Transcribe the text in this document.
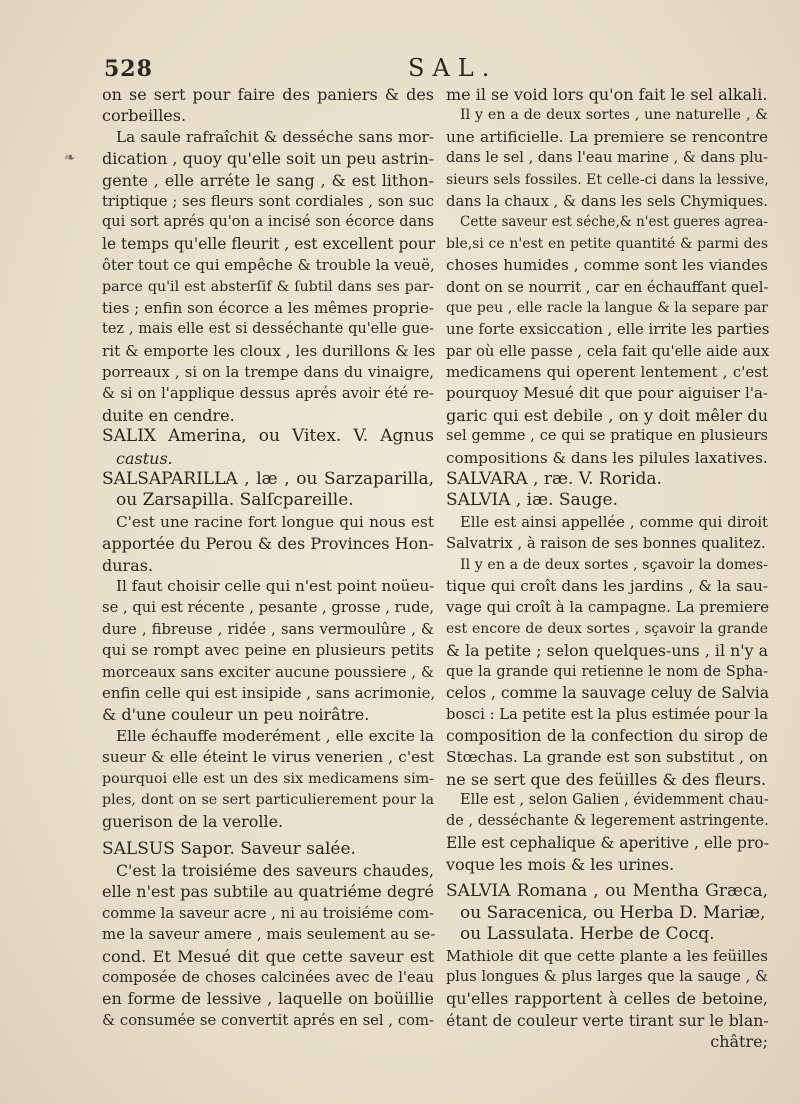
528	SAL.
❧
on se sert pour faire des paniers & des
corbeilles.
La saule rafraîchit & desséche sans mor-
dication , quoy qu'elle soit un peu astrin-
gente , elle arréte le sang , & est lithon-
triptique ; ses fleurs sont cordiales , son suc
qui sort aprés qu'on a incisé son écorce dans
le temps qu'elle fleurit , est excellent pour
ôter tout ce qui empêche & trouble la veuë,
parce qu'il est absterſif & ſubtil dans ses par-
ties ; enfin son écorce a les mêmes proprie-
tez , mais elle est si desséchante qu'elle gue-
rit & emporte les cloux , les durillons & les
porreaux , si on la trempe dans du vinaigre,
& si on l'applique dessus aprés avoir été re-
duite en cendre.
SALIX Amerina, ou Vitex. V. Agnus
castus.
SALSAPARILLA , læ , ou Sarzaparilla,
ou Zarsapilla. Salſcpareille.
C'est une racine fort longue qui nous est
apportée du Perou & des Provinces Hon-
duras.
Il faut choisir celle qui n'est point noüeu-
se , qui est récente , pesante , grosse , rude,
dure , fibreuse , ridée , sans vermoulûre , &
qui se rompt avec peine en plusieurs petits
morceaux sans exciter aucune poussiere , &
enfin celle qui est insipide , sans acrimonie,
& d'une couleur un peu noirâtre.
Elle échauffe moderément , elle excite la
sueur & elle éteint le virus venerien , c'est
pourquoi elle est un des six medicamens sim-
ples, dont on se sert particulierement pour la
guerison de la verolle.
SALSUS Sapor. Saveur salée.
C'est la troisiéme des saveurs chaudes,
elle n'est pas subtile au quatriéme degré
comme la saveur acre , ni au troisiéme com-
me la saveur amere , mais seulement au se-
cond. Et Mesué dit que cette saveur est
composée de choses calcinées avec de l'eau
en forme de lessive , laquelle on boüillie
& consumée se convertit aprés en sel , com-
me il se void lors qu'on fait le sel alkali.
Il y en a de deux sortes , une naturelle , &
une artificielle. La premiere se rencontre
dans le sel , dans l'eau marine , & dans plu-
sieurs sels fossiles. Et celle-ci dans la lessive,
dans la chaux , & dans les sels Chymiques.
Cette saveur est séche,& n'est gueres agrea-
ble,si ce n'est en petite quantité & parmi des
choses humides , comme sont les viandes
dont on se nourrit , car en échauffant quel-
que peu , elle racle la langue & la separe par
une forte exsiccation , elle irrite les parties
par où elle passe , cela fait qu'elle aide aux
medicamens qui operent lentement , c'est
pourquoy Mesué dit que pour aiguiser l'a-
garic qui est debile , on y doit mêler du
sel gemme , ce qui se pratique en plusieurs
compositions & dans les pilules laxatives.
SALVARA , ræ. V. Rorida.
SALVIA , iæ. Sauge.
Elle est ainsi appellée , comme qui diroit
Salvatrix , à raison de ses bonnes qualitez.
Il y en a de deux sortes , sçavoir la domes-
tique qui croît dans les jardins , & la sau-
vage qui croît à la campagne. La premiere
est encore de deux sortes , sçavoir la grande
& la petite ; selon quelques-uns , il n'y a
que la grande qui retienne le nom de Spha-
celos , comme la sauvage celuy de Salvia
bosci : La petite est la plus estimée pour la
composition de la confection du sirop de
Stœchas. La grande est son substitut , on
ne se sert que des feüilles & des fleurs.
Elle est , selon Galien , évidemment chau-
de , desséchante & legerement astringente.
Elle est cephalique & aperitive , elle pro-
voque les mois & les urines.
SALVIA Romana , ou Mentha Græca,
ou Saracenica, ou Herba D. Mariæ,
ou Lassulata. Herbe de Cocq.
Mathiole dit que cette plante a les feüilles
plus longues & plus larges que la sauge , &
qu'elles rapportent à celles de betoine,
étant de couleur verte tirant sur le blan-
châtre;
